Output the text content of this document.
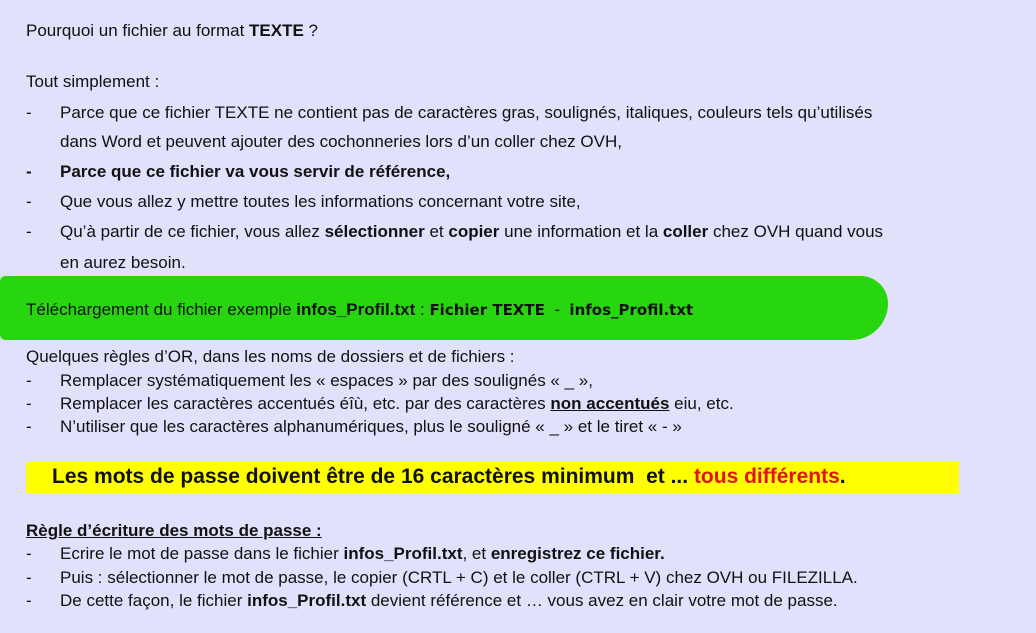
Pourquoi un fichier au format TEXTE ?
Tout simplement :
- Parce que ce fichier TEXTE ne contient pas de caractères gras, soulignés, italiques, couleurs tels qu’utilisés
dans Word et peuvent ajouter des cochonneries lors d’un coller chez OVH,
- Parce que ce fichier va vous servir de référence,
- Que vous allez y mettre toutes les informations concernant votre site,
- Qu’à partir de ce fichier, vous allez sélectionner et copier une information et la coller chez OVH quand vous
en aurez besoin.
Téléchargement du fichier exemple infos_Profil.txt : Fichier TEXTE  -  infos_Profil.txt
Quelques règles d’OR, dans les noms de dossiers et de fichiers :
- Remplacer systématiquement les « espaces » par des soulignés « _ »,
- Remplacer les caractères accentués éîù, etc. par des caractères non accentués eiu, etc.
- N’utiliser que les caractères alphanumériques, plus le souligné « _ » et le tiret « - »
Les mots de passe doivent être de 16 caractères minimum  et ... tous différents.
Règle d’écriture des mots de passe :
- Ecrire le mot de passe dans le fichier infos_Profil.txt, et enregistrez ce fichier.
- Puis : sélectionner le mot de passe, le copier (CRTL + C) et le coller (CTRL + V) chez OVH ou FILEZILLA.
- De cette façon, le fichier infos_Profil.txt devient référence et … vous avez en clair votre mot de passe.
